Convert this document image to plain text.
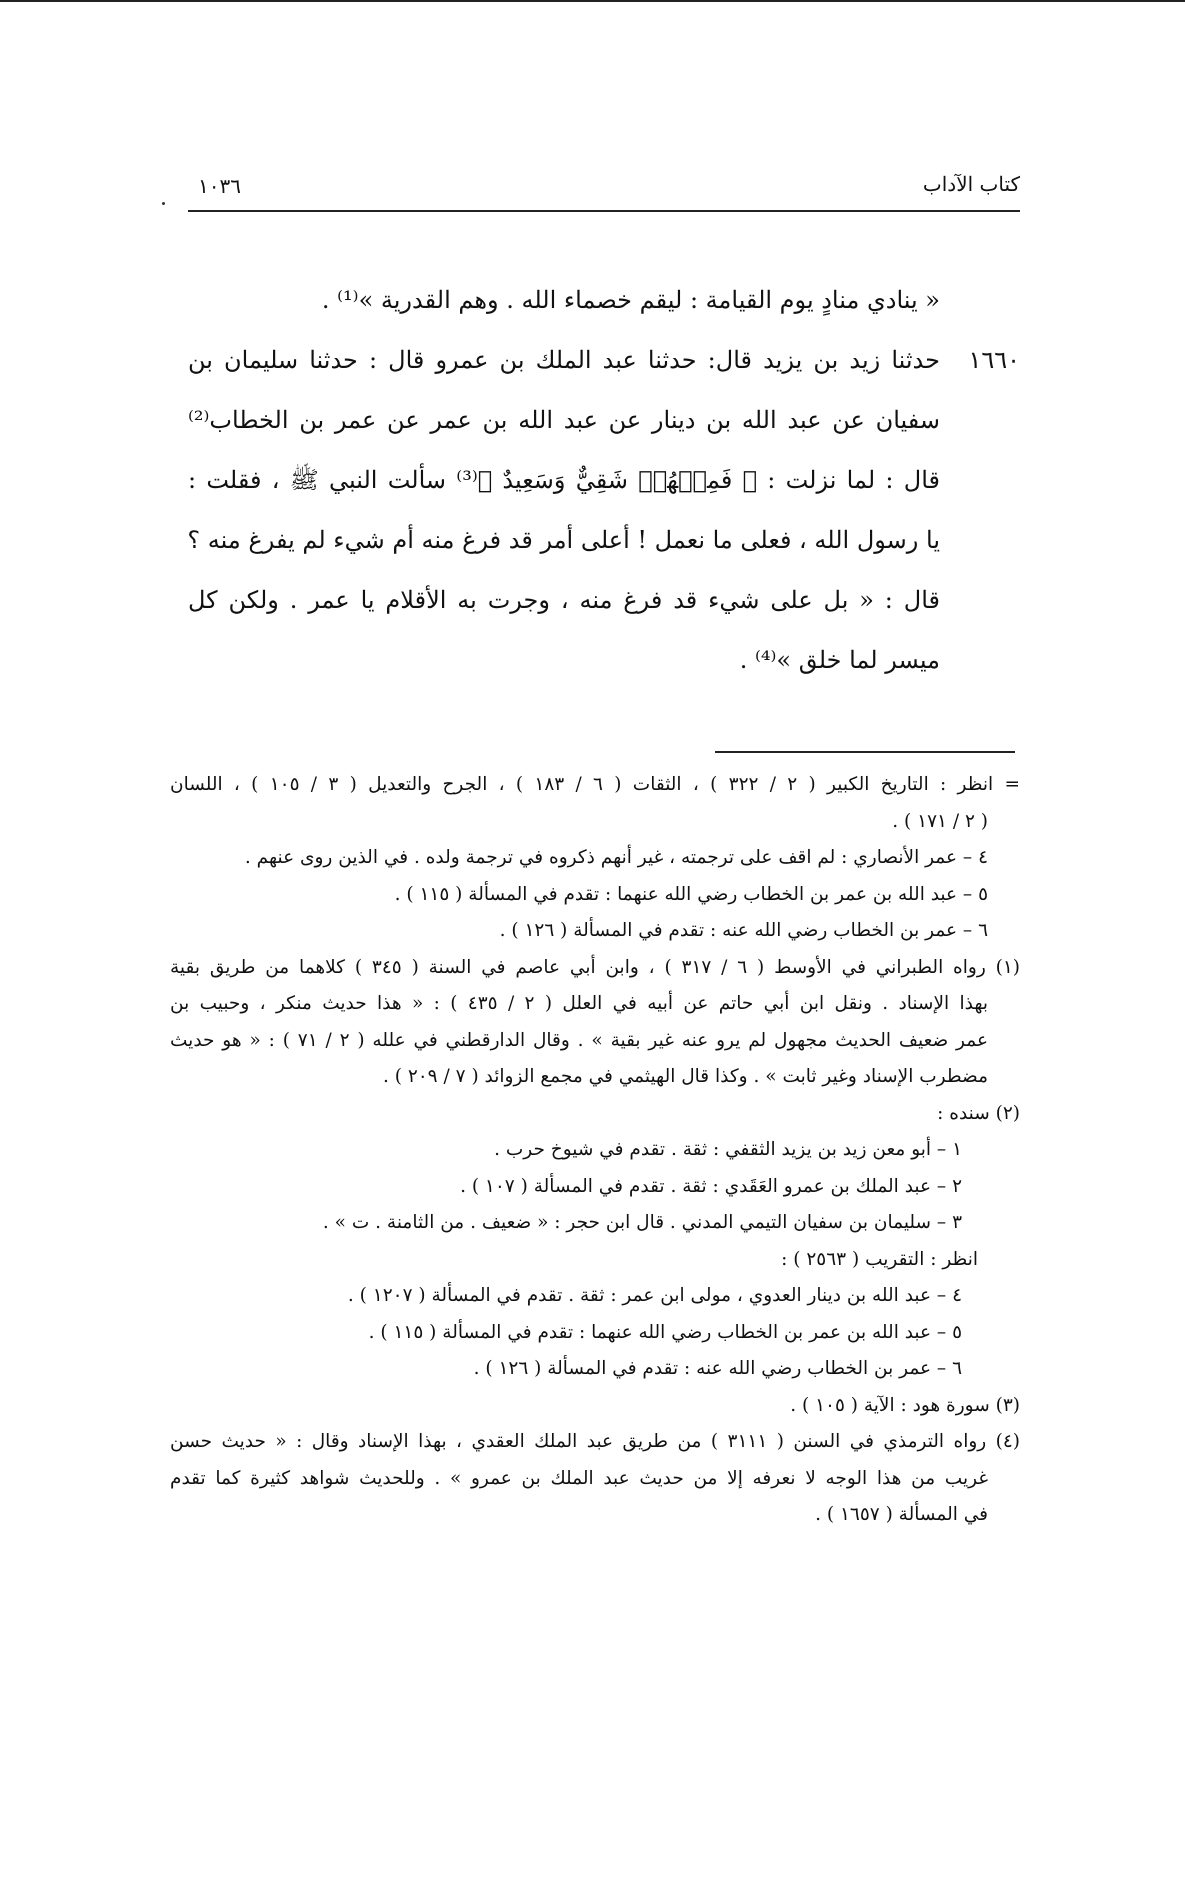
كتاب الآداب
١٠٣٦
« ينادي منادٍ يوم القيامة : ليقم خصماء الله . وهم القدرية »⁽¹⁾ .
١٦٦٠
حدثنا زيد بن يزيد قال: حدثنا عبد الملك بن عمرو قال : حدثنا سليمان بن
سفيان عن عبد الله بن دينار عن عبد الله بن عمر عن عمر بن الخطاب⁽²⁾
قال : لما نزلت : ﴿ فَمِنۡهُمۡ شَقِيٌّ وَسَعِيدٌ ﴾⁽³⁾ سألت النبي ﷺ ، فقلت :
يا رسول الله ، فعلى ما نعمل ! أعلى أمر قد فرغ منه أم شيء لم يفرغ منه ؟
قال : « بل على شيء قد فرغ منه ، وجرت به الأقلام يا عمر . ولكن كل
ميسر لما خلق »⁽⁴⁾ .
= انظر : التاريخ الكبير ( ٢ / ٣٢٢ ) ، الثقات ( ٦ / ١٨٣ ) ، الجرح والتعديل ( ٣ / ١٠٥ ) ، اللسان
( ٢ / ١٧١ ) .
٤ – عمر الأنصاري : لم اقف على ترجمته ، غير أنهم ذكروه في ترجمة ولده . في الذين روى عنهم .
٥ – عبد الله بن عمر بن الخطاب رضي الله عنهما : تقدم في المسألة ( ١١٥ ) .
٦ – عمر بن الخطاب رضي الله عنه : تقدم في المسألة ( ١٢٦ ) .
(١) رواه الطبراني في الأوسط ( ٦ / ٣١٧ ) ، وابن أبي عاصم في السنة ( ٣٤٥ ) كلاهما من طريق بقية
بهذا الإسناد . ونقل ابن أبي حاتم عن أبيه في العلل ( ٢ / ٤٣٥ ) : « هذا حديث منكر ، وحبيب بن
عمر ضعيف الحديث مجهول لم يرو عنه غير بقية » . وقال الدارقطني في علله ( ٢ / ٧١ ) : « هو حديث
مضطرب الإسناد وغير ثابت » . وكذا قال الهيثمي في مجمع الزوائد ( ٧ / ٢٠٩ ) .
(٢) سنده :
١ – أبو معن زيد بن يزيد الثقفي : ثقة . تقدم في شيوخ حرب .
٢ – عبد الملك بن عمرو العَقَدي : ثقة . تقدم في المسألة ( ١٠٧ ) .
٣ – سليمان بن سفيان التيمي المدني . قال ابن حجر : « ضعيف . من الثامنة . ت » .
انظر : التقريب ( ٢٥٦٣ ) :
٤ – عبد الله بن دينار العدوي ، مولى ابن عمر : ثقة . تقدم في المسألة ( ١٢٠٧ ) .
٥ – عبد الله بن عمر بن الخطاب رضي الله عنهما : تقدم في المسألة ( ١١٥ ) .
٦ – عمر بن الخطاب رضي الله عنه : تقدم في المسألة ( ١٢٦ ) .
(٣) سورة هود : الآية ( ١٠٥ ) .
(٤) رواه الترمذي في السنن ( ٣١١١ ) من طريق عبد الملك العقدي ، بهذا الإسناد وقال : « حديث حسن
غريب من هذا الوجه لا نعرفه إلا من حديث عبد الملك بن عمرو » . وللحديث شواهد كثيرة كما تقدم
في المسألة ( ١٦٥٧ ) .
